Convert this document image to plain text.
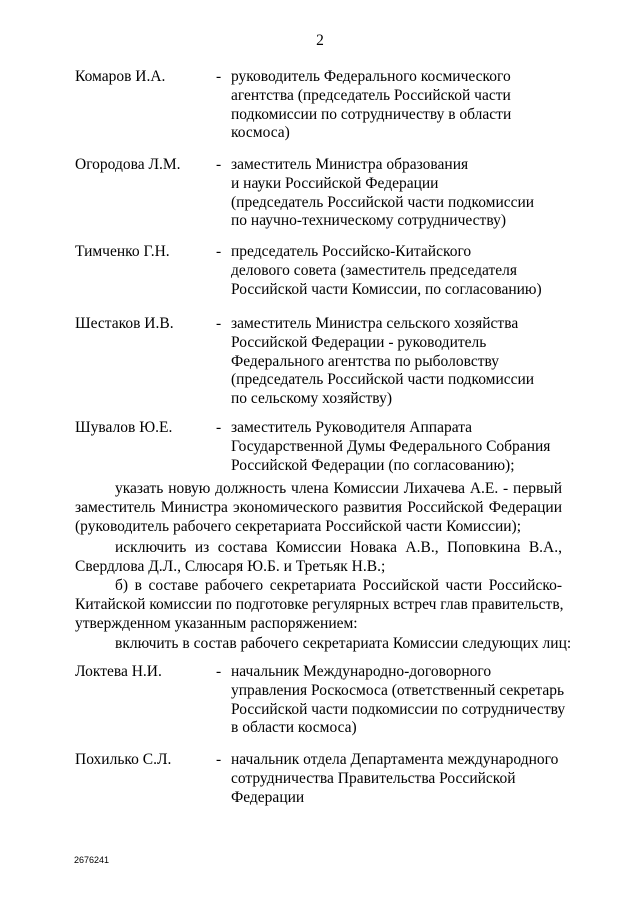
2
Комаров И.А.	- руководитель Федерального космического
агентства (председатель Российской части
подкомиссии по сотрудничеству в области
космоса)
Огородова Л.М. - заместитель Министра образования
и науки Российской Федерации
(председатель Российской части подкомиссии
по научно-техническому сотрудничеству)
Тимченко Г.Н.	- председатель Российско-Китайского
делового совета (заместитель председателя
Российской части Комиссии, по согласованию)
Шестаков И.В.	- заместитель Министра сельского хозяйства
Российской Федерации - руководитель
Федерального агентства по рыболовству
(председатель Российской части подкомиссии
по сельскому хозяйству)
Шувалов Ю.Е.	- заместитель Руководителя Аппарата
Государственной Думы Федерального Собрания
Российской Федерации (по согласованию);
указать новую должность члена Комиссии Лихачева А.Е. - первый
заместитель Министра экономического развития Российской Федерации
(руководитель рабочего секретариата Российской части Комиссии);
исключить из состава Комиссии Новака А.В., Поповкина В.А.,
Свердлова Д.Л., Слюсаря Ю.Б. и Третьяк Н.В.;
б) в составе рабочего секретариата Российской части Российско-
Китайской комиссии по подготовке регулярных встреч глав правительств,
утвержденном указанным распоряжением:
включить в состав рабочего секретариата Комиссии следующих лиц:
Локтева Н.И.	- начальник Международно-договорного
управления Роскосмоса (ответственный секретарь
Российской части подкомиссии по сотрудничеству
в области космоса)
Похилько С.Л.	- начальник отдела Департамента международного
сотрудничества Правительства Российской
Федерации
2676241
